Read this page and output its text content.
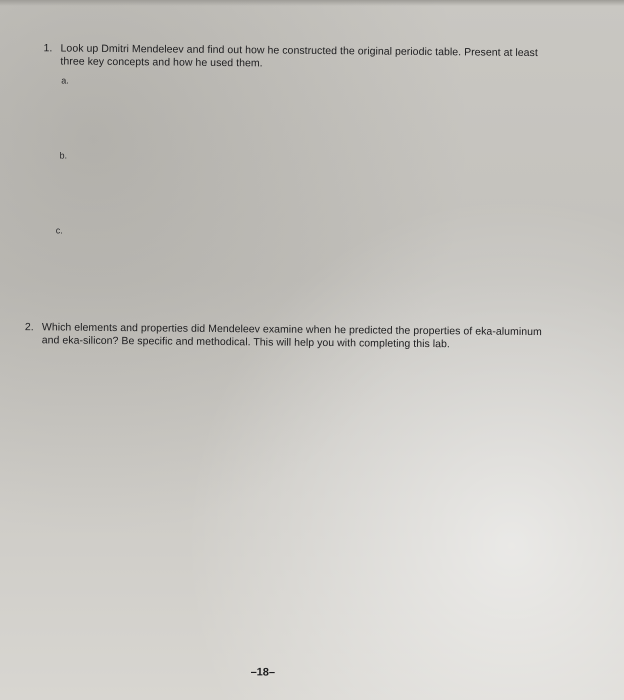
1. Look up Dmitri Mendeleev and find out how he constructed the original periodic table. Present at least
three key concepts and how he used them.
a.
b.
c.
2. Which elements and properties did Mendeleev examine when he predicted the properties of eka-aluminum
and eka-silicon? Be specific and methodical. This will help you with completing this lab.
–18–
